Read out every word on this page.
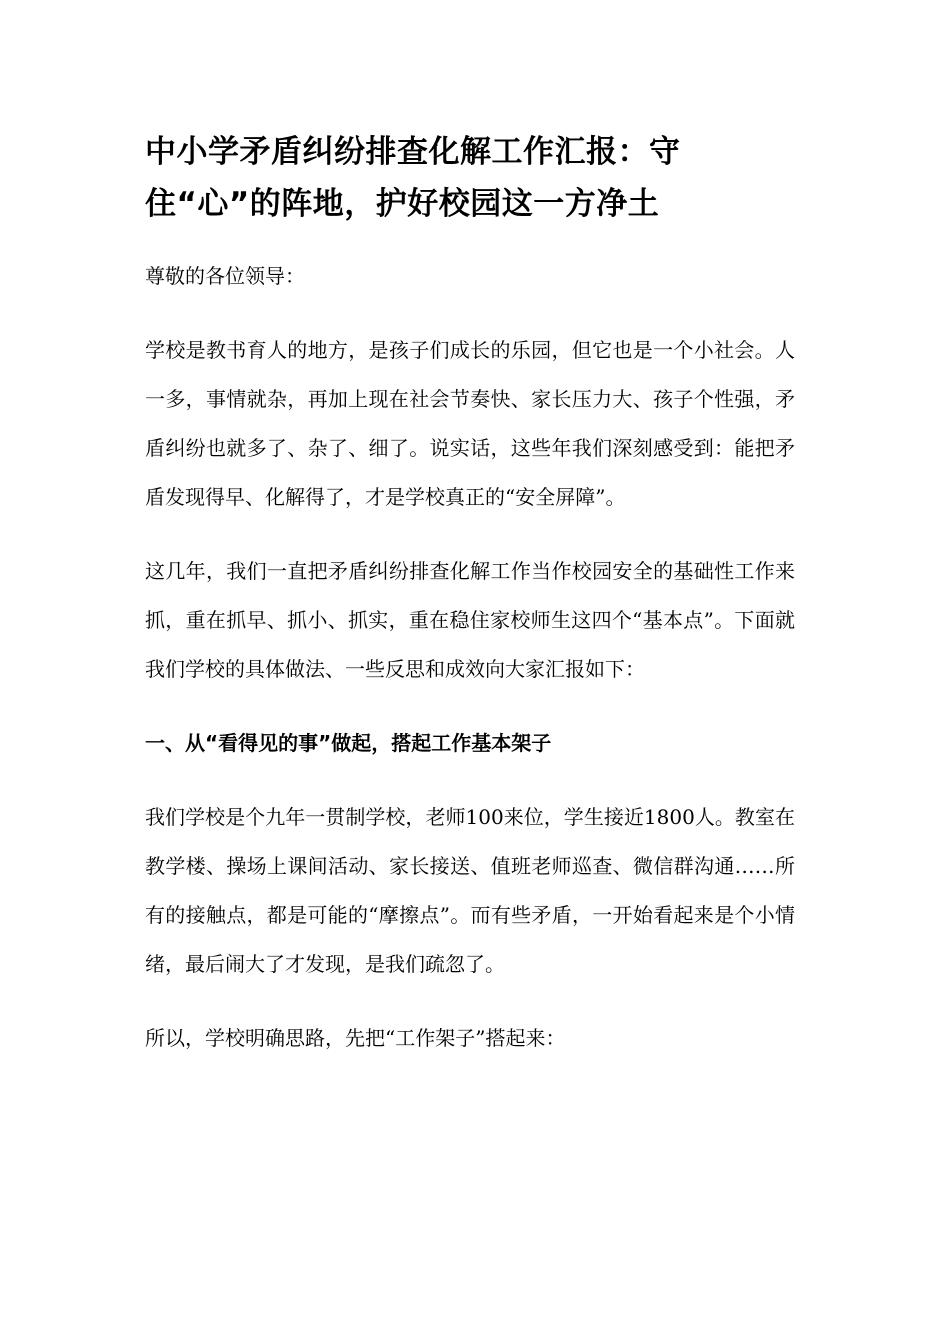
中小学矛盾纠纷排查化解工作汇报：守住“心”的阵地，护好校园这一方净土

尊敬的各位领导：

学校是教书育人的地方，是孩子们成长的乐园，但它也是一个小社会。人一多，事情就杂，再加上现在社会节奏快、家长压力大、孩子个性强，矛盾纠纷也就多了、杂了、细了。说实话，这些年我们深刻感受到：能把矛盾发现得早、化解得了，才是学校真正的“安全屏障”。

这几年，我们一直把矛盾纠纷排查化解工作当作校园安全的基础性工作来抓，重在抓早、抓小、抓实，重在稳住家校师生这四个“基本点”。下面就我们学校的具体做法、一些反思和成效向大家汇报如下：

一、从“看得见的事”做起，搭起工作基本架子

我们学校是个九年一贯制学校，老师100来位，学生接近1800人。教室在教学楼、操场上课间活动、家长接送、值班老师巡查、微信群沟通……所有的接触点，都是可能的“摩擦点”。而有些矛盾，一开始看起来是个小情绪，最后闹大了才发现，是我们疏忽了。

所以，学校明确思路，先把“工作架子”搭起来：
